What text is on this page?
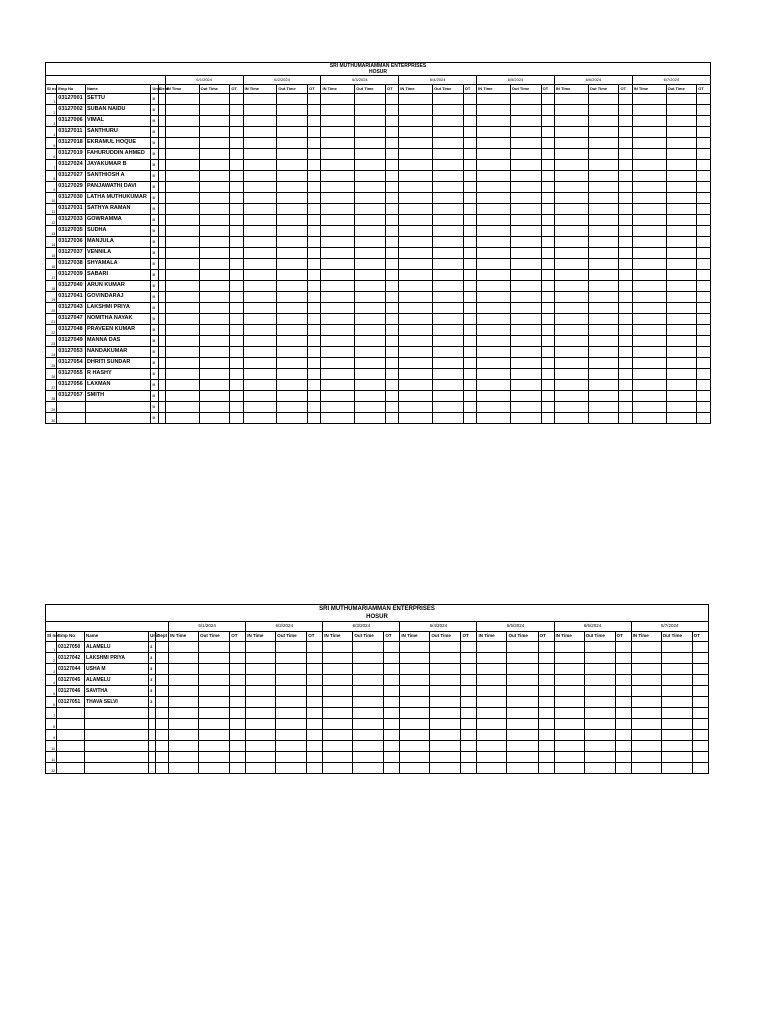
SRI MUTHUMARIAMMAN ENTERPRISES																									
HOSUR																									
					6/1/2024			6/2/2024			6/3/2024			6/4/2024			6/5/2024			6/6/2024			6/7/2024		
Sl no	Emp No	Name	Unit	Dept	IN Time	Out Time	OT	IN Time	Out Time	OT	IN Time	Out Time	OT	IN Time	Out Time	OT	IN Time	Out Time	OT	IN Time	Out Time	OT	IN Time	Out Time	OT
1	03127001	SETTU	II																						
2	03127002	SUBAN NAIDU	II																						
3	03127006	VIMAL	II																						
4	03127011	SANTHURU	II																						
5	03127018	EKRAMUL HOQUE	II																						
6	03127019	FAHURUDDIN AHMED	II																						
7	03127024	JAYAKUMAR B	II																						
8	03127027	SANTHIOSH A	II																						
9	03127029	PANJAWATHI DAVI	II																						
10	03127030	LATHA MUTHUKUMAR	II																						
11	03127031	SATHYA RAMAN	II																						
12	03127033	GOWRAMMA	II																						
13	03127035	SUDHA	II																						
14	03127036	MANJULA	II																						
15	03127037	VENNILA	II																						
16	03127038	SHYAMALA	II																						
17	03127039	SABARI	II																						
18	03127040	ARUN KUMAR	II																						
19	03127041	GOVINDARAJ	II																						
20	03127043	LAKSHMI PRIYA	II																						
21	03127047	NOMITHA NAYAK	II																						
22	03127048	PRAVEEN KUMAR	II																						
23	03127049	MANNA DAS	II																						
24	03127053	NANDAKUMAR	II																						
25	03127054	DHRITI SUNDAR	II																						
26	03127055	R HASHY	II																						
27	03127056	LAXMAN	II																						
28	03127057	SMITH	II																						
29			II																						
30			II																						
SRI MUTHUMARIAMMAN ENTERPRISES																									
HOSUR																									
					6/1/2024			6/2/2024			6/3/2024			6/4/2024			6/5/2024			6/6/2024			6/7/2024		
Sl no	Emp No	Name	Unit	Dept	IN Time	Out Time	OT	IN Time	Out Time	OT	IN Time	Out Time	OT	IN Time	Out Time	OT	IN Time	Out Time	OT	IN Time	Out Time	OT	IN Time	Out Time	OT
1	03127050	ALAMELU	3																						
2	03127042	LAKSHMI PRIYA	3																						
3	03127044	USHA M	3																						
4	03127045	ALAMELU	3																						
5	03127046	SAVITHA	3																						
6	03127051	THAVA SELVI	3																						
7																									
8																									
9																									
10																									
11																									
12																									
